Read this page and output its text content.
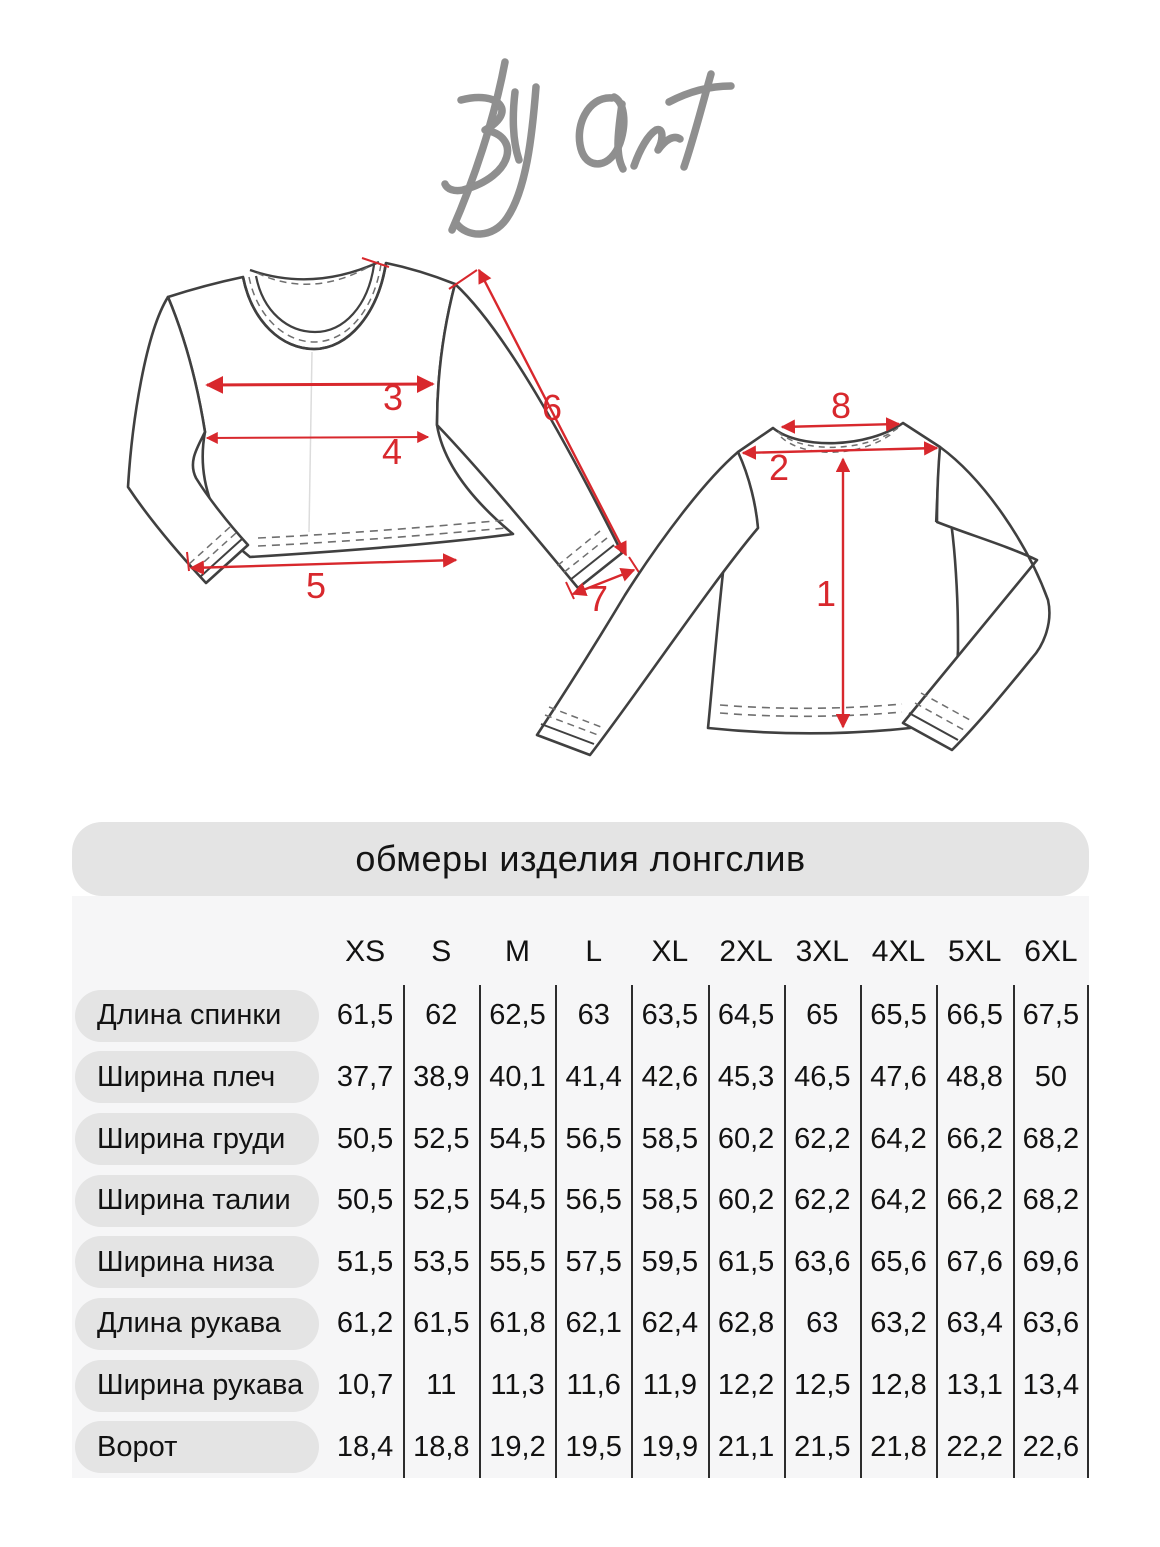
3
4
5
6
7
8
2
1
обмеры изделия лонгслив
XS	S	M	L	XL	2XL 3XL 4XL 5XL 6XL
Длина спинки	61,5	62	62,5	63	63,5 64,5	65	65,5 66,5 67,5
Ширина плеч	37,7 38,9 40,1 41,4 42,6 45,3 46,5 47,6 48,8	50
Ширина груди	50,5 52,5 54,5 56,5 58,5 60,2 62,2 64,2 66,2 68,2
Ширина талии	50,5 52,5 54,5 56,5 58,5 60,2 62,2 64,2 66,2 68,2
Ширина низа	51,5 53,5 55,5 57,5 59,5 61,5 63,6 65,6 67,6 69,6
Длина рукава	61,2 61,5 61,8 62,1 62,4 62,8	63	63,2 63,4 63,6
Ширина рукава	10,7	11	11,3 11,6 11,9 12,2 12,5 12,8 13,1 13,4
Ворот	18,4 18,8 19,2 19,5 19,9 21,1 21,5 21,8 22,2 22,6
